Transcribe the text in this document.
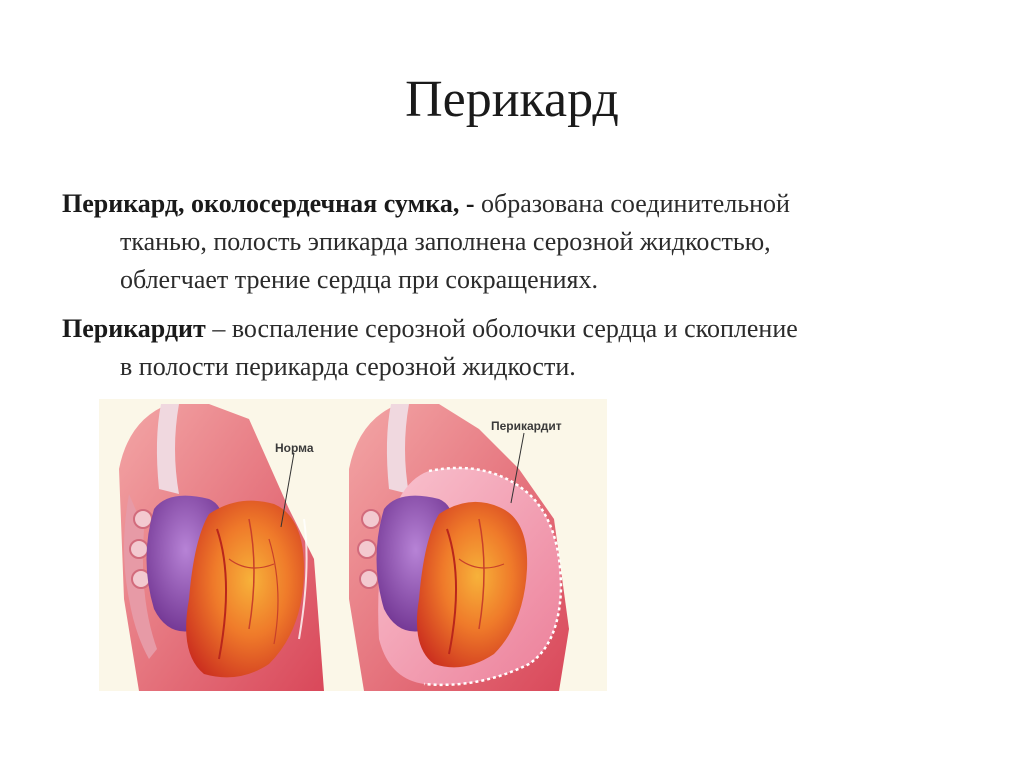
Перикард

Перикард, околосердечная сумка, - образована соединительной
тканью, полость эпикарда заполнена серозной жидкостью,
облегчает трение сердца при сокращениях.

Перикардит – воспаление серозной оболочки сердца и скопление
в полости перикарда серозной жидкости.

Норма
Перикардит
